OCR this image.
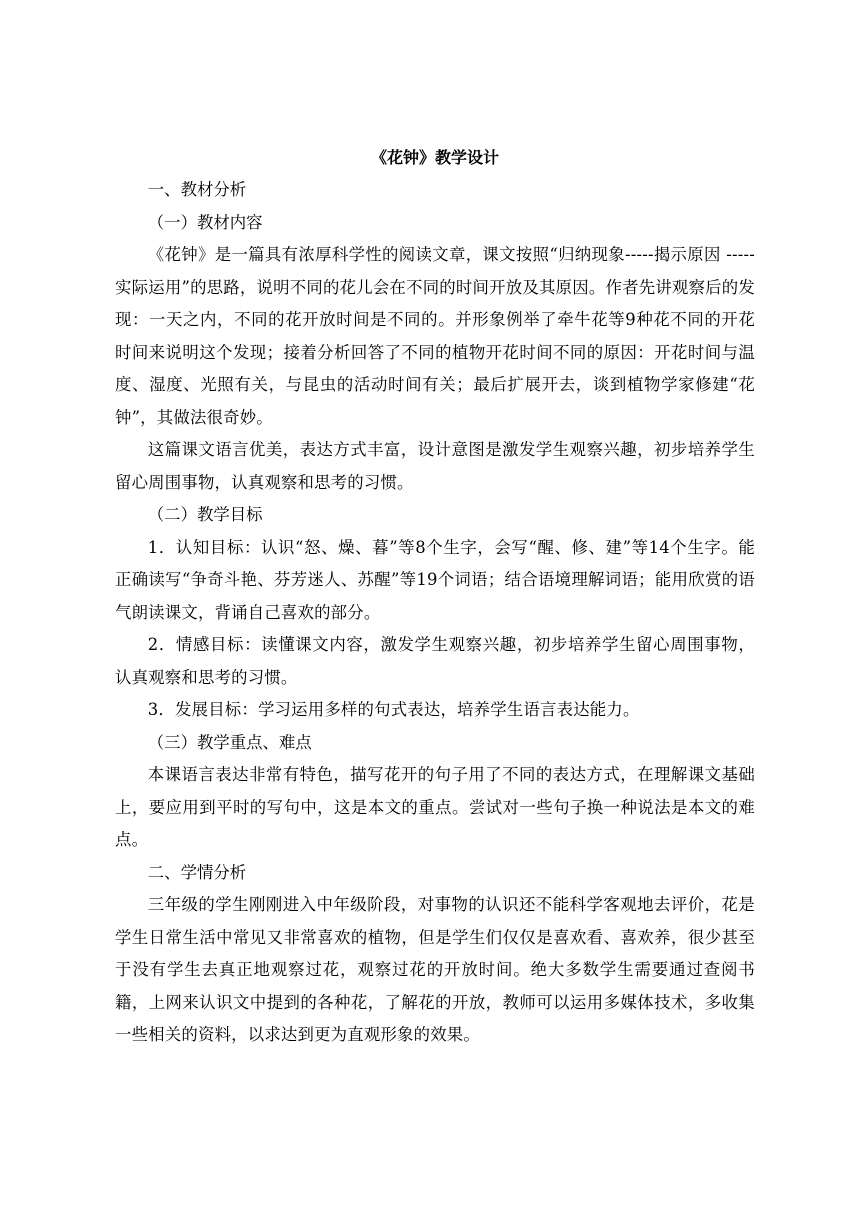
《花钟》教学设计

一、教材分析

（一）教材内容

《花钟》是一篇具有浓厚科学性的阅读文章，课文按照“归纳现象-----揭示原因 -----实际运用”的思路，说明不同的花儿会在不同的时间开放及其原因。作者先讲观察后的发现：一天之内，不同的花开放时间是不同的。并形象例举了牵牛花等9种花不同的开花时间来说明这个发现；接着分析回答了不同的植物开花时间不同的原因：开花时间与温度、湿度、光照有关，与昆虫的活动时间有关；最后扩展开去，谈到植物学家修建“花钟”，其做法很奇妙。

这篇课文语言优美，表达方式丰富，设计意图是激发学生观察兴趣，初步培养学生留心周围事物，认真观察和思考的习惯。

（二）教学目标

1．认知目标：认识“怒、燥、暮”等8个生字，会写“醒、修、建”等14个生字。能正确读写“争奇斗艳、芬芳迷人、苏醒”等19个词语；结合语境理解词语；能用欣赏的语气朗读课文，背诵自己喜欢的部分。

2．情感目标：读懂课文内容，激发学生观察兴趣，初步培养学生留心周围事物，认真观察和思考的习惯。

3．发展目标：学习运用多样的句式表达，培养学生语言表达能力。

（三）教学重点、难点

本课语言表达非常有特色，描写花开的句子用了不同的表达方式，在理解课文基础上，要应用到平时的写句中，这是本文的重点。尝试对一些句子换一种说法是本文的难点。

二、学情分析

三年级的学生刚刚进入中年级阶段，对事物的认识还不能科学客观地去评价，花是学生日常生活中常见又非常喜欢的植物，但是学生们仅仅是喜欢看、喜欢养，很少甚至于没有学生去真正地观察过花，观察过花的开放时间。绝大多数学生需要通过查阅书籍，上网来认识文中提到的各种花，了解花的开放，教师可以运用多媒体技术，多收集一些相关的资料，以求达到更为直观形象的效果。
